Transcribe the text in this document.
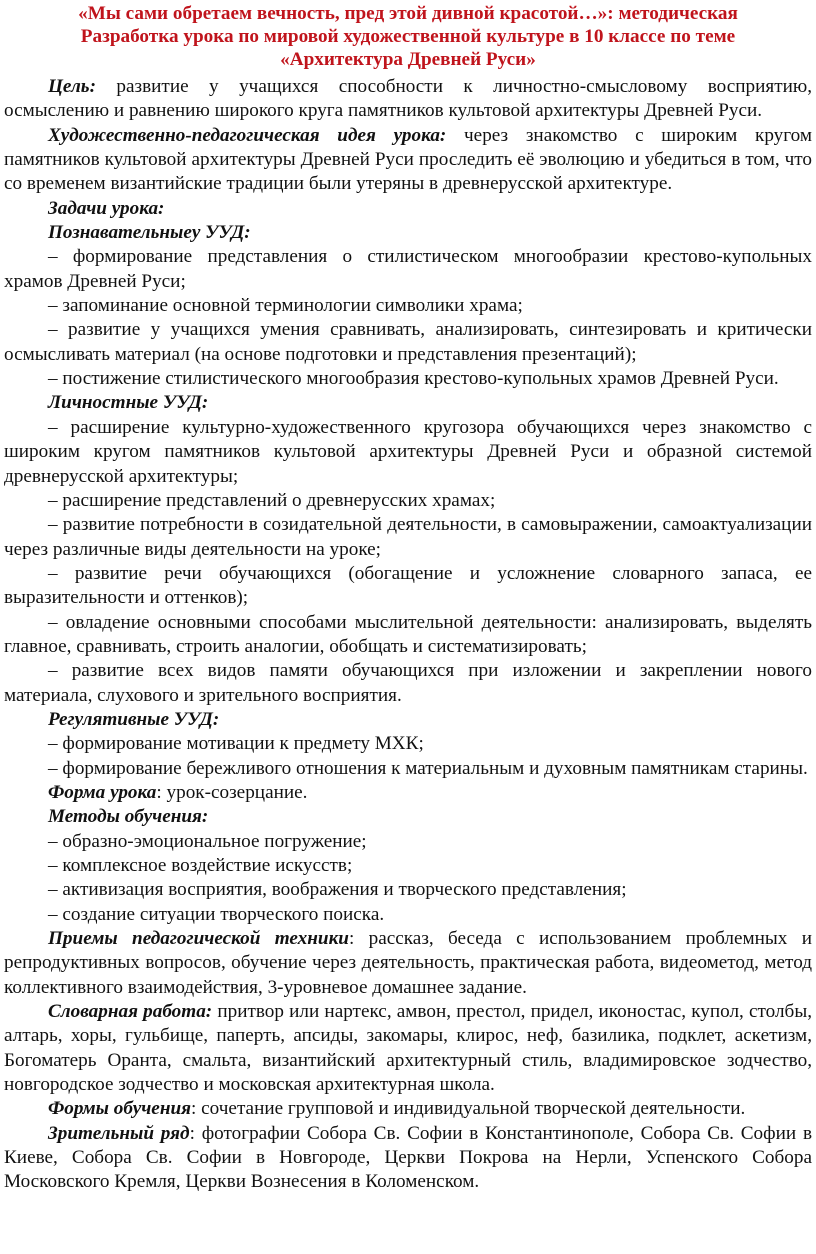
«Мы сами обретаем вечность, пред этой дивной красотой…»: методическая
Разработка урока по мировой художественной культуре в 10 классе по теме
«Архитектура Древней Руси»

Цель: развитие у учащихся способности к личностно-смысловому восприятию, осмыслению и равнению широкого круга памятников культовой архитектуры Древней Руси.

Художественно-педагогическая идея урока: через знакомство с широким кругом памятников культовой архитектуры Древней Руси проследить её эволюцию и убедиться в том, что со временем византийские традиции были утеряны в древнерусской архитектуре.

Задачи урока:

Познавательныеу УУД:

– формирование представления о стилистическом многообразии крестово-купольных храмов Древней Руси;

– запоминание основной терминологии символики храма;

– развитие у учащихся умения сравнивать, анализировать, синтезировать и критически осмысливать материал (на основе подготовки и представления презентаций);

– постижение стилистического многообразия крестово-купольных храмов Древней Руси.

Личностные УУД:

– расширение культурно-художественного кругозора обучающихся через знакомство с широким кругом памятников культовой архитектуры Древней Руси и образной системой древнерусской архитектуры;

– расширение представлений о древнерусских храмах;

– развитие потребности в созидательной деятельности, в самовыражении, самоактуализации через различные виды деятельности на уроке;

– развитие речи обучающихся (обогащение и усложнение словарного запаса, ее выразительности и оттенков);

– овладение основными способами мыслительной деятельности: анализировать, выделять главное, сравнивать, строить аналогии, обобщать и систематизировать;

– развитие всех видов памяти обучающихся при изложении и закреплении нового материала, слухового и зрительного восприятия.

Регулятивные УУД:

– формирование мотивации к предмету МХК;

– формирование бережливого отношения к материальным и духовным памятникам старины.

Форма урока: урок-созерцание.

Методы обучения:

– образно-эмоциональное погружение;

– комплексное воздействие искусств;

– активизация восприятия, воображения и творческого представления;

– создание ситуации творческого поиска.

Приемы педагогической техники: рассказ, беседа с использованием проблемных и репродуктивных вопросов, обучение через деятельность, практическая работа, видеометод, метод коллективного взаимодействия, 3-уровневое домашнее задание.

Словарная работа: притвор или нартекс, амвон, престол, придел, иконостас, купол, столбы, алтарь, хоры, гульбище, паперть, апсиды, закомары, клирос, неф, базилика, подклет, аскетизм, Богоматерь Оранта, смальта, византийский архитектурный стиль, владимировское зодчество, новгородское зодчество и московская архитектурная школа.

Формы обучения: сочетание групповой и индивидуальной творческой деятельности.

Зрительный ряд: фотографии Собора Св. Софии в Константинополе, Собора Св. Софии в Киеве, Собора Св. Софии в Новгороде, Церкви Покрова на Нерли, Успенского Собора Московского Кремля, Церкви Вознесения в Коломенском.
